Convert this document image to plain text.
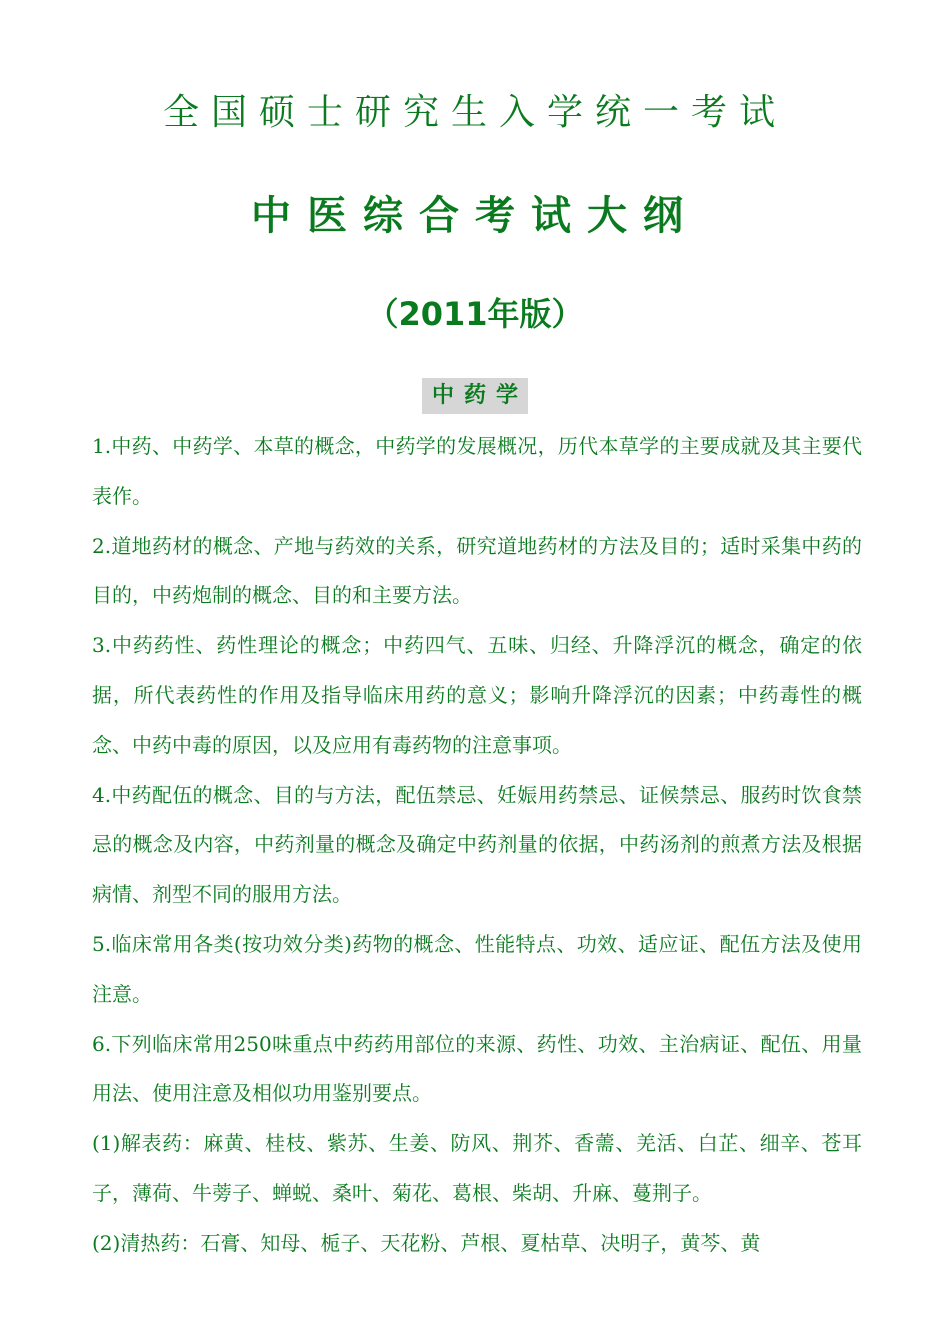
全国硕士研究生入学统一考试
中医综合考试大纲
（2011年版）
中药学

1.中药、中药学、本草的概念，中药学的发展概况，历代本草学的主要成就及其主要代表作。

2.道地药材的概念、产地与药效的关系，研究道地药材的方法及目的；适时采集中药的目的，中药炮制的概念、目的和主要方法。

3.中药药性、药性理论的概念；中药四气、五味、归经、升降浮沉的概念，确定的依据，所代表药性的作用及指导临床用药的意义；影响升降浮沉的因素；中药毒性的概念、中药中毒的原因，以及应用有毒药物的注意事项。

4.中药配伍的概念、目的与方法，配伍禁忌、妊娠用药禁忌、证候禁忌、服药时饮食禁忌的概念及内容，中药剂量的概念及确定中药剂量的依据，中药汤剂的煎煮方法及根据病情、剂型不同的服用方法。

5.临床常用各类(按功效分类)药物的概念、性能特点、功效、适应证、配伍方法及使用注意。

6.下列临床常用250味重点中药药用部位的来源、药性、功效、主治病证、配伍、用量用法、使用注意及相似功用鉴别要点。

(1)解表药：麻黄、桂枝、紫苏、生姜、防风、荆芥、香薷、羌活、白芷、细辛、苍耳子，薄荷、牛蒡子、蝉蜕、桑叶、菊花、葛根、柴胡、升麻、蔓荆子。

(2)清热药：石膏、知母、栀子、天花粉、芦根、夏枯草、决明子，黄芩、黄
